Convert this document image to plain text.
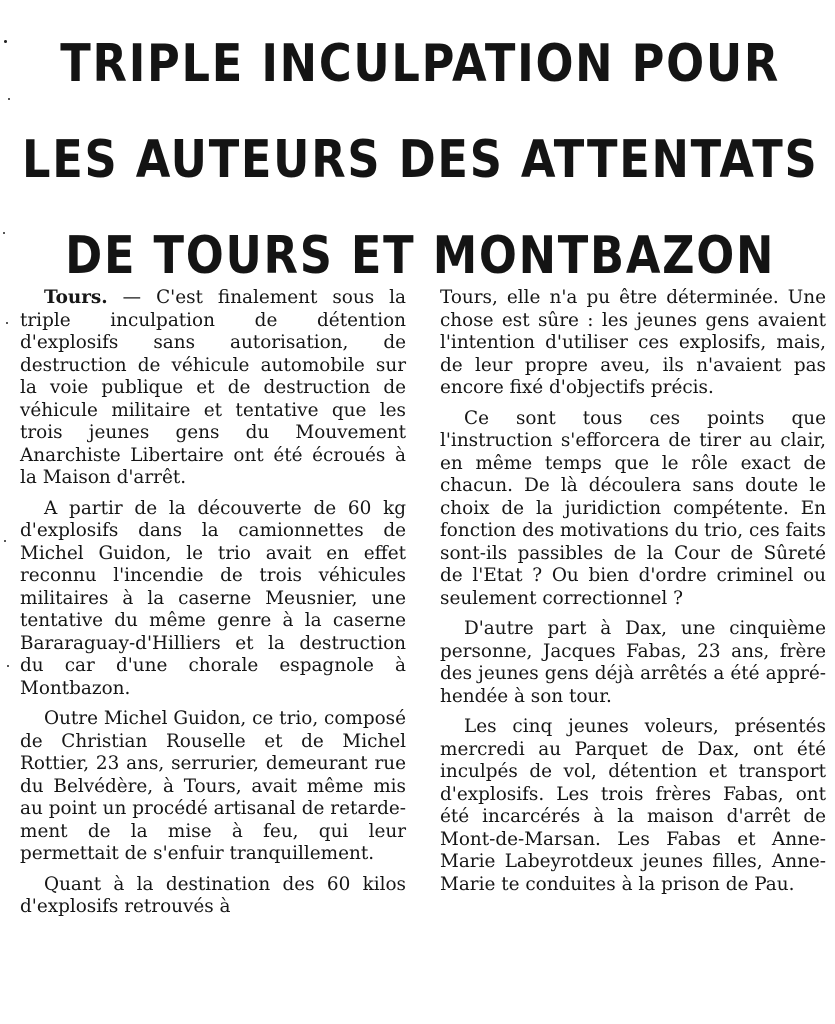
TRIPLE INCULPATION POUR
LES AUTEURS DES ATTENTATS
DE TOURS ET MONTBAZON

Tours. — C'est finalement sous la triple inculpation de détention d'explosifs sans autorisation, de destruction de véhicule automobile sur la voie publique et de destruction de véhicule militaire et tentative que les trois jeunes gens du Mouvement Anarchiste Libertaire ont été écroués à la Maison d'arrêt.

A partir de la découverte de 60 kg d'explosifs dans la camionnettes de Michel Guidon, le trio avait en effet reconnu l'incendie de trois véhicules militaires à la caserne Meusnier, une tentative du même genre à la caserne Bararaguay-d'Hilliers et la destruction du car d'une chorale espagnole à Montbazon.

Outre Michel Guidon, ce trio, composé de Christian Rouselle et de Michel Rottier, 23 ans, serrurier, demeurant rue du Belvédère, à Tours, avait même mis au point un procédé artisanal de retardement de la mise à feu, qui leur permettait de s'enfuir tranquillement.

Quant à la destination des 60 kilos d'explosifs retrouvés à

Tours, elle n'a pu être déterminée. Une chose est sûre : les jeunes gens avaient l'intention d'utiliser ces explosifs, mais, de leur propre aveu, ils n'avaient pas encore fixé d'objectifs précis.

Ce sont tous ces points que l'instruction s'efforcera de tirer au clair, en même temps que le rôle exact de chacun. De là découlera sans doute le choix de la juridiction compétente. En fonction des motivations du trio, ces faits sont-ils passibles de la Cour de Sûreté de l'Etat ? Ou bien d'ordre criminel ou seulement correctionnel ?

D'autre part à Dax, une cinquième personne, Jacques Fabas, 23 ans, frère des jeunes gens déjà arrêtés a été appréhendée à son tour.

Les cinq jeunes voleurs, présentés mercredi au Parquet de Dax, ont été inculpés de vol, détention et transport d'explosifs. Les trois frères Fabas, ont été incarcérés à la maison d'arrêt de Mont-de-Marsan. Les Fabas et Anne-Marie Labeyrotdeux jeunes filles, Anne-Marie te conduites à la prison de Pau.
